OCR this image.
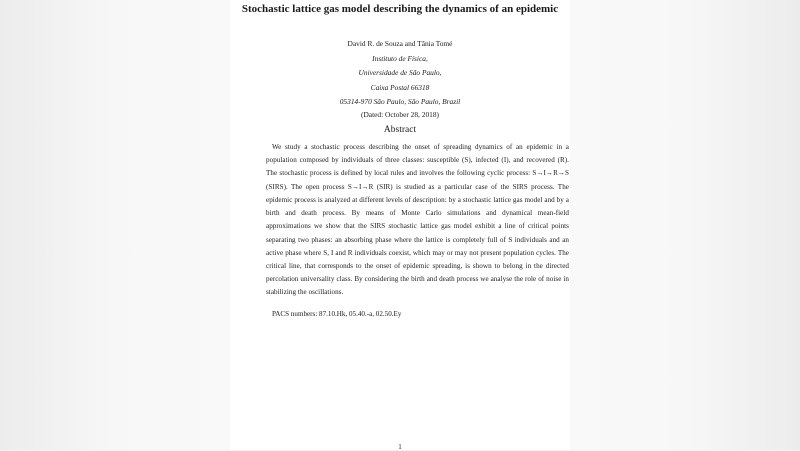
Stochastic lattice gas model describing the dynamics of an epidemic

David R. de Souza and Tânia Tomé

Instituto de Física,

Universidade de São Paulo,

Caixa Postal 66318

05314-970 São Paulo, São Paulo, Brazil

(Dated: October 28, 2018)

Abstract

We study a stochastic process describing the onset of spreading dynamics of an epidemic in a population composed by individuals of three classes: susceptible (S), infected (I), and recovered (R). The stochastic process is defined by local rules and involves the following cyclic process: S→I→R→S (SIRS). The open process S→I→R (SIR) is studied as a particular case of the SIRS process. The epidemic process is analyzed at different levels of description: by a stochastic lattice gas model and by a birth and death process. By means of Monte Carlo simulations and dynamical mean-field approximations we show that the SIRS stochastic lattice gas model exhibit a line of critical points separating two phases: an absorbing phase where the lattice is completely full of S individuals and an active phase where S, I and R individuals coexist, which may or may not present population cycles. The critical line, that corresponds to the onset of epidemic spreading, is shown to belong in the directed percolation universality class. By considering the birth and death process we analyse the role of noise in stabilizing the oscillations.

PACS numbers: 87.10.Hk, 05.40.-a, 02.50.Ey

1
